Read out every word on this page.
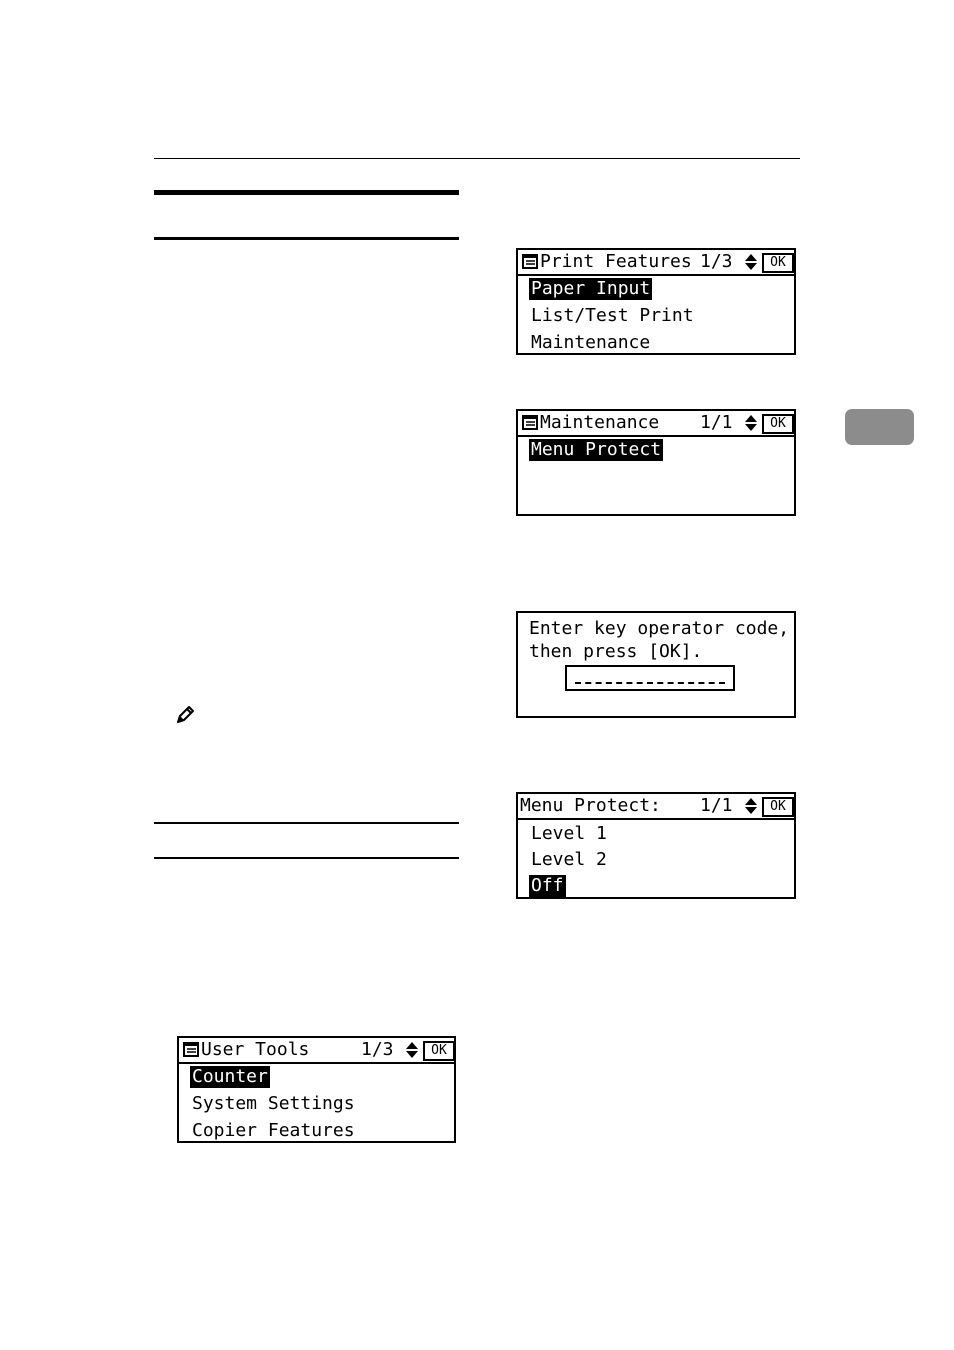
Print Features 1/3	OK
Paper Input
List/Test Print
Maintenance
Maintenance 1/1	OK
Menu Protect
Enter key operator code,
then press [OK].
Menu Protect: 1/1	OK
Level 1
Level 2
Off
User Tools	1/3	OK
Counter
System Settings
Copier Features
